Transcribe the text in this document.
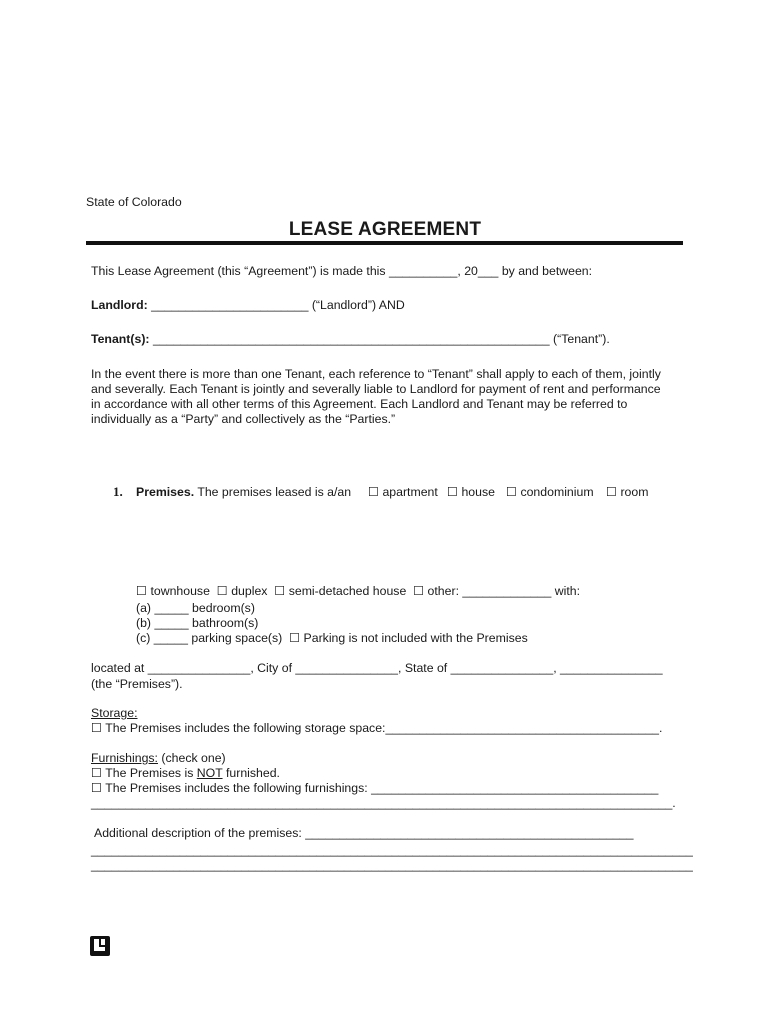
State of Colorado
LEASE AGREEMENT
This Lease Agreement (this “Agreement”) is made this __________, 20___ by and between:
Landlord: _______________________ (“Landlord”) AND
Tenant(s): __________________________________________________________ (“Tenant”).
In the event there is more than one Tenant, each reference to “Tenant” shall apply to each of them, jointly
and severally. Each Tenant is jointly and severally liable to Landlord for payment of rent and performance
in accordance with all other terms of this Agreement. Each Landlord and Tenant may be referred to
individually as a “Party” and collectively as the “Parties.”
1. Premises. The premises leased is a/an ☐ apartment ☐ house ☐ condominium ☐ room
☐ townhouse  ☐ duplex  ☐ semi-detached house  ☐ other: _____________ with:
(a) _____ bedroom(s)
(b) _____ bathroom(s)
(c) _____ parking space(s)  ☐ Parking is not included with the Premises
located at _______________, City of _______________, State of _______________, _______________
(the “Premises”).
Storage:
☐ The Premises includes the following storage space:________________________________________.
Furnishings: (check one)
☐ The Premises is NOT furnished.
☐ The Premises includes the following furnishings: __________________________________________
_____________________________________________________________________________________.
Additional description of the premises: ________________________________________________
________________________________________________________________________________________
________________________________________________________________________________________
